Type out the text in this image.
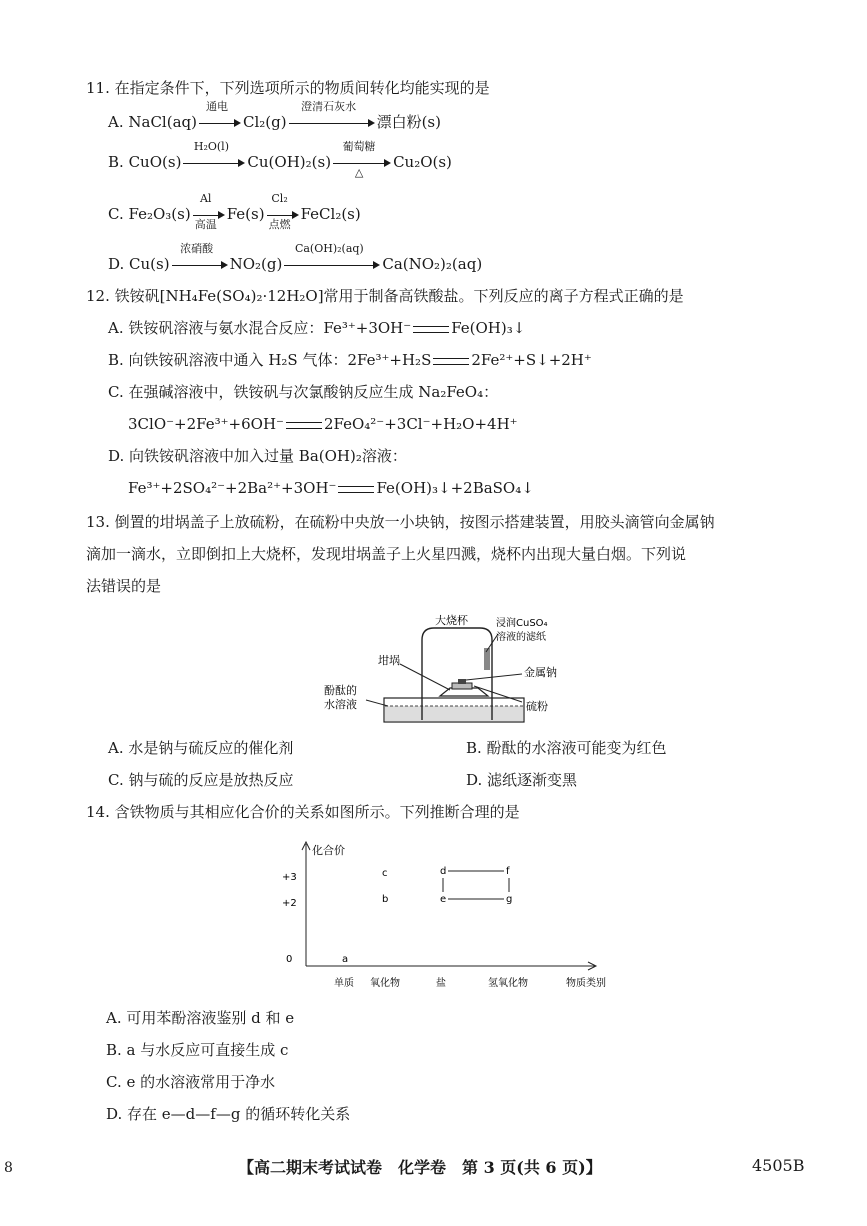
11. 在指定条件下，下列选项所示的物质间转化均能实现的是
A. NaCl(aq)
通电
Cl₂(g)
澄清石灰水
漂白粉(s)
B. CuO(s)
H₂O(l)
Cu(OH)₂(s)
葡萄糖
△
Cu₂O(s)
C. Fe₂O₃(s)
Al
高温
Fe(s)
Cl₂
点燃
FeCl₂(s)
D. Cu(s)
浓硝酸
NO₂(g)
Ca(OH)₂(aq)
Ca(NO₂)₂(aq)
12. 铁铵矾[NH₄Fe(SO₄)₂·12H₂O]常用于制备高铁酸盐。下列反应的离子方程式正确的是
A. 铁铵矾溶液与氨水混合反应：Fe³⁺+3OH⁻	Fe(OH)₃↓
B. 向铁铵矾溶液中通入 H₂S 气体：2Fe³⁺+H₂S	2Fe²⁺+S↓+2H⁺
C. 在强碱溶液中，铁铵矾与次氯酸钠反应生成 Na₂FeO₄：
3ClO⁻+2Fe³⁺+6OH⁻	2FeO₄²⁻+3Cl⁻+H₂O+4H⁺
D. 向铁铵矾溶液中加入过量 Ba(OH)₂溶液：
Fe³⁺+2SO₄²⁻+2Ba²⁺+3OH⁻	Fe(OH)₃↓+2BaSO₄↓
13. 倒置的坩埚盖子上放硫粉，在硫粉中央放一小块钠，按图示搭建装置，用胶头滴管向金属钠
滴加一滴水，立即倒扣上大烧杯，发现坩埚盖子上火星四溅，烧杯内出现大量白烟。下列说
法错误的是
大烧杯	浸润CuSO₄
溶液的滤纸
坩埚
金属钠
酚酞的
水溶液	硫粉
A. 水是钠与硫反应的催化剂	B. 酚酞的水溶液可能变为红色
C. 钠与硫的反应是放热反应	D. 滤纸逐渐变黑
14. 含铁物质与其相应化合价的关系如图所示。下列推断合理的是
化合价
物质类别
+3
+2
0
单质 氧化物	盐	氢氧化物
a
b
c	d
e
f
g
A. 可用苯酚溶液鉴别 d 和 e
B. a 与水反应可直接生成 c
C. e 的水溶液常用于净水
D. 存在 e—d—f—g 的循环转化关系
8	【高二期末考试试卷　化学卷　第 3 页(共 6 页)】	4505B
